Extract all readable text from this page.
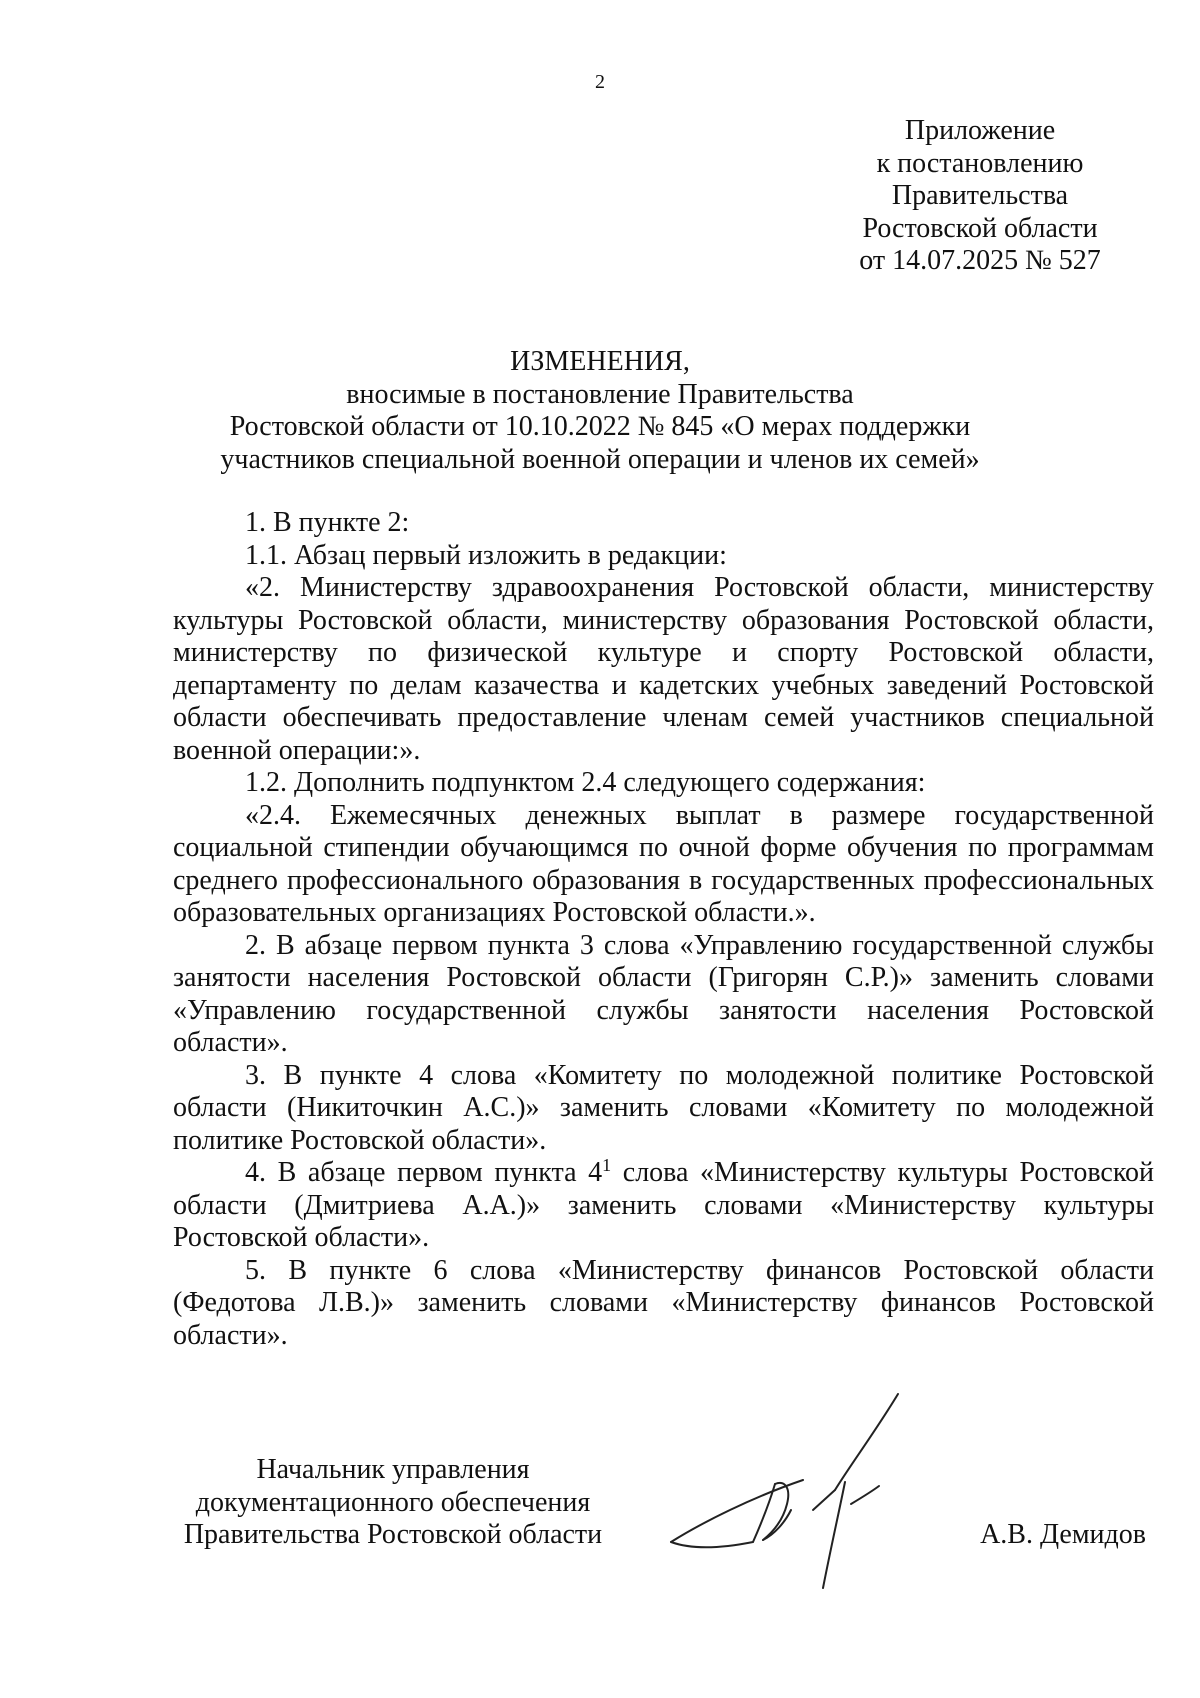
2
Приложение
к постановлению
Правительства
Ростовской области
от 14.07.2025 № 527
ИЗМЕНЕНИЯ,
вносимые в постановление Правительства
Ростовской области от 10.10.2022 № 845 «О мерах поддержки
участников специальной военной операции и членов их семей»

1. В пункте 2:

1.1. Абзац первый изложить в редакции:

«2. Министерству здравоохранения Ростовской области, министерству культуры Ростовской области, министерству образования Ростовской области, министерству по физической культуре и спорту Ростовской области, департаменту по делам казачества и кадетских учебных заведений Ростовской области обеспечивать предоставление членам семей участников специальной военной операции:».

1.2. Дополнить подпунктом 2.4 следующего содержания:

«2.4. Ежемесячных денежных выплат в размере государственной социальной стипендии обучающимся по очной форме обучения по программам среднего профессионального образования в государственных профессиональных образовательных организациях Ростовской области.».

2. В абзаце первом пункта 3 слова «Управлению государственной службы занятости населения Ростовской области (Григорян С.Р.)» заменить словами «Управлению государственной службы занятости населения Ростовской области».

3. В пункте 4 слова «Комитету по молодежной политике Ростовской области (Никиточкин А.С.)» заменить словами «Комитету по молодежной политике Ростовской области».

4. В абзаце первом пункта $4^1$ слова «Министерству культуры Ростовской области (Дмитриева А.А.)» заменить словами «Министерству культуры Ростовской области».

5. В пункте 6 слова «Министерству финансов Ростовской области (Федотова Л.В.)» заменить словами «Министерству финансов Ростовской области».

Начальник управления
документационного обеспечения
Правительства Ростовской области	А.В. Демидов
